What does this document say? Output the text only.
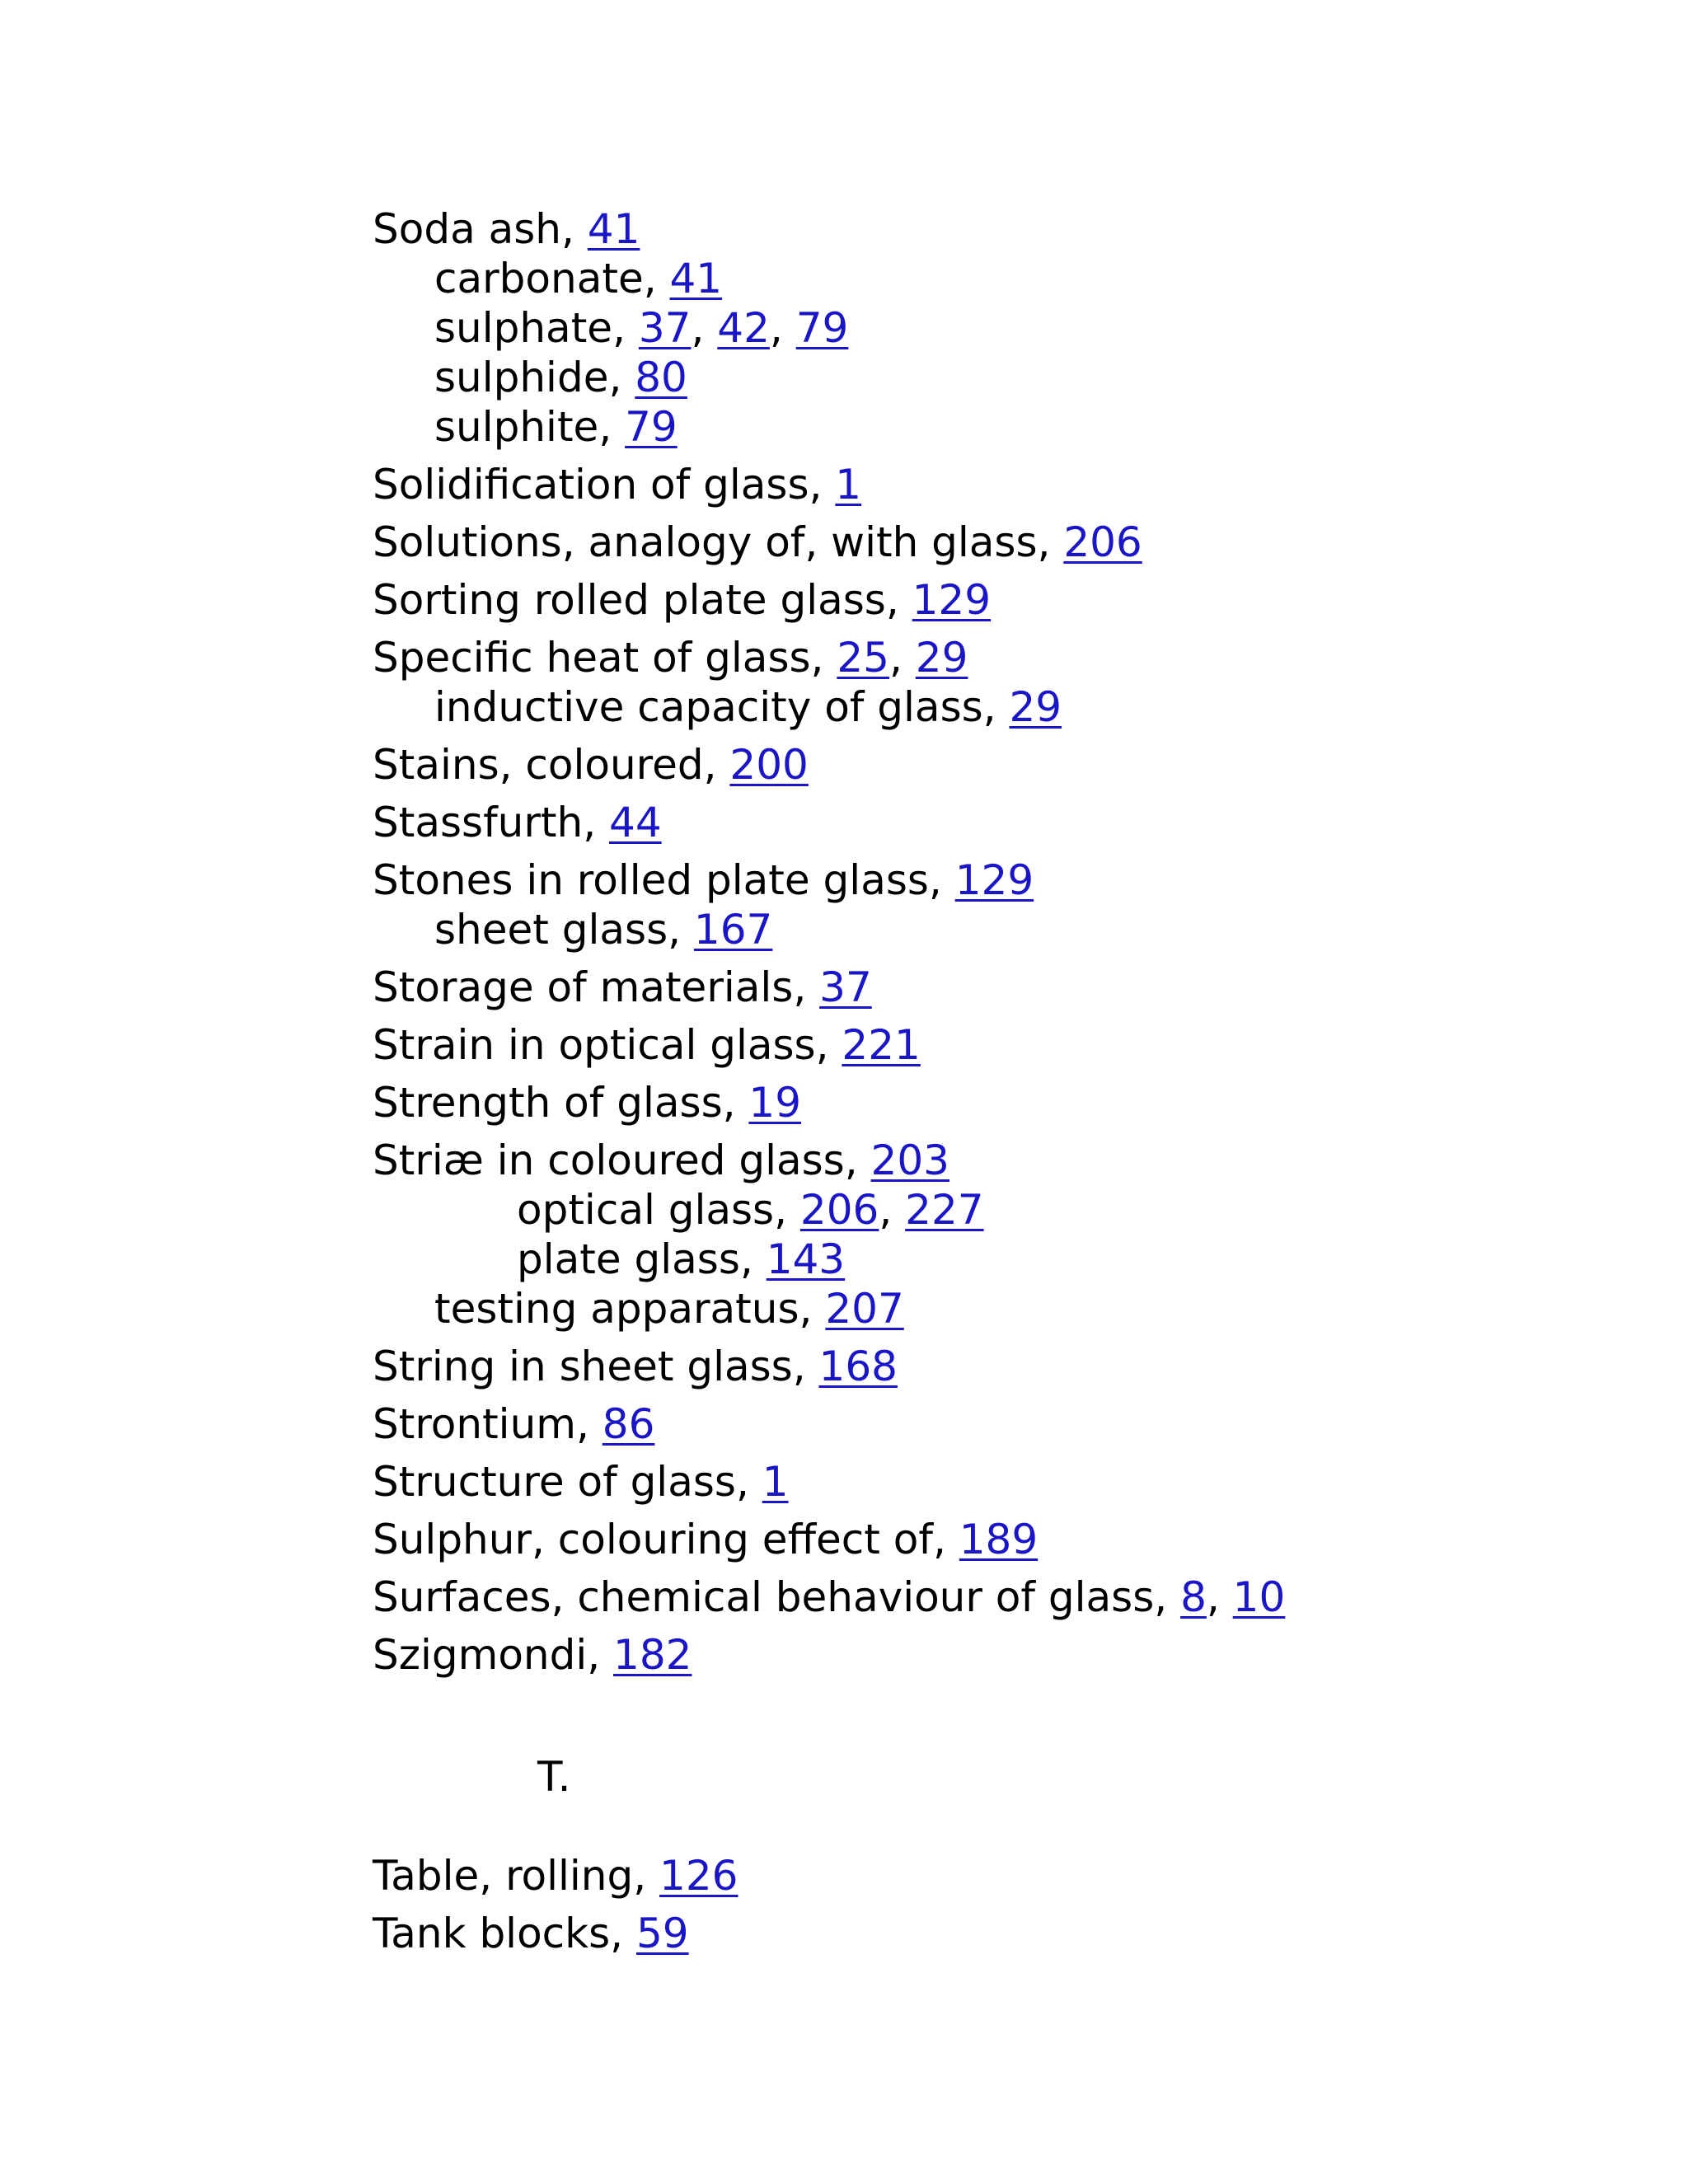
Soda ash, 41
carbonate, 41
sulphate, 37, 42, 79
sulphide, 80
sulphite, 79
Solidification of glass, 1
Solutions, analogy of, with glass, 206
Sorting rolled plate glass, 129
Specific heat of glass, 25, 29
inductive capacity of glass, 29
Stains, coloured, 200
Stassfurth, 44
Stones in rolled plate glass, 129
sheet glass, 167
Storage of materials, 37
Strain in optical glass, 221
Strength of glass, 19
Striæ in coloured glass, 203
optical glass, 206, 227
plate glass, 143
testing apparatus, 207
String in sheet glass, 168
Strontium, 86
Structure of glass, 1
Sulphur, colouring effect of, 189
Surfaces, chemical behaviour of glass, 8, 10
Szigmondi, 182
T.
Table, rolling, 126
Tank blocks, 59
